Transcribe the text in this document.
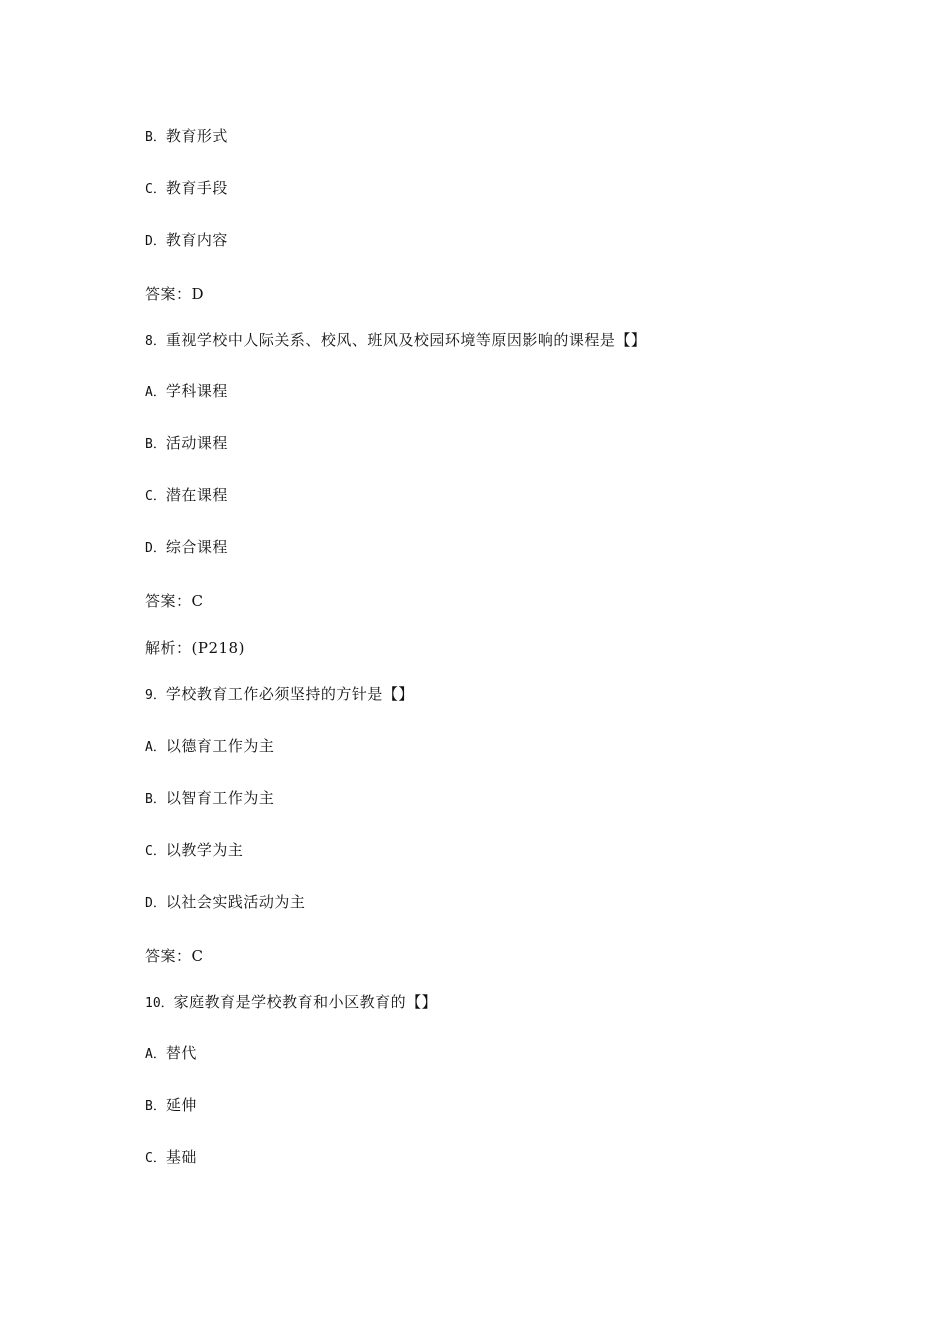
B．教育形式
C．教育手段
D．教育内容
答案：D
8．重视学校中人际关系、校风、班风及校园环境等原因影响的课程是【】
A．学科课程
B．活动课程
C．潜在课程
D．综合课程
答案：C
解析：(P218)
9．学校教育工作必须坚持的方针是【】
A．以德育工作为主
B．以智育工作为主
C．以教学为主
D．以社会实践活动为主
答案：C
10．家庭教育是学校教育和小区教育的【】
A．替代
B．延伸
C．基础
